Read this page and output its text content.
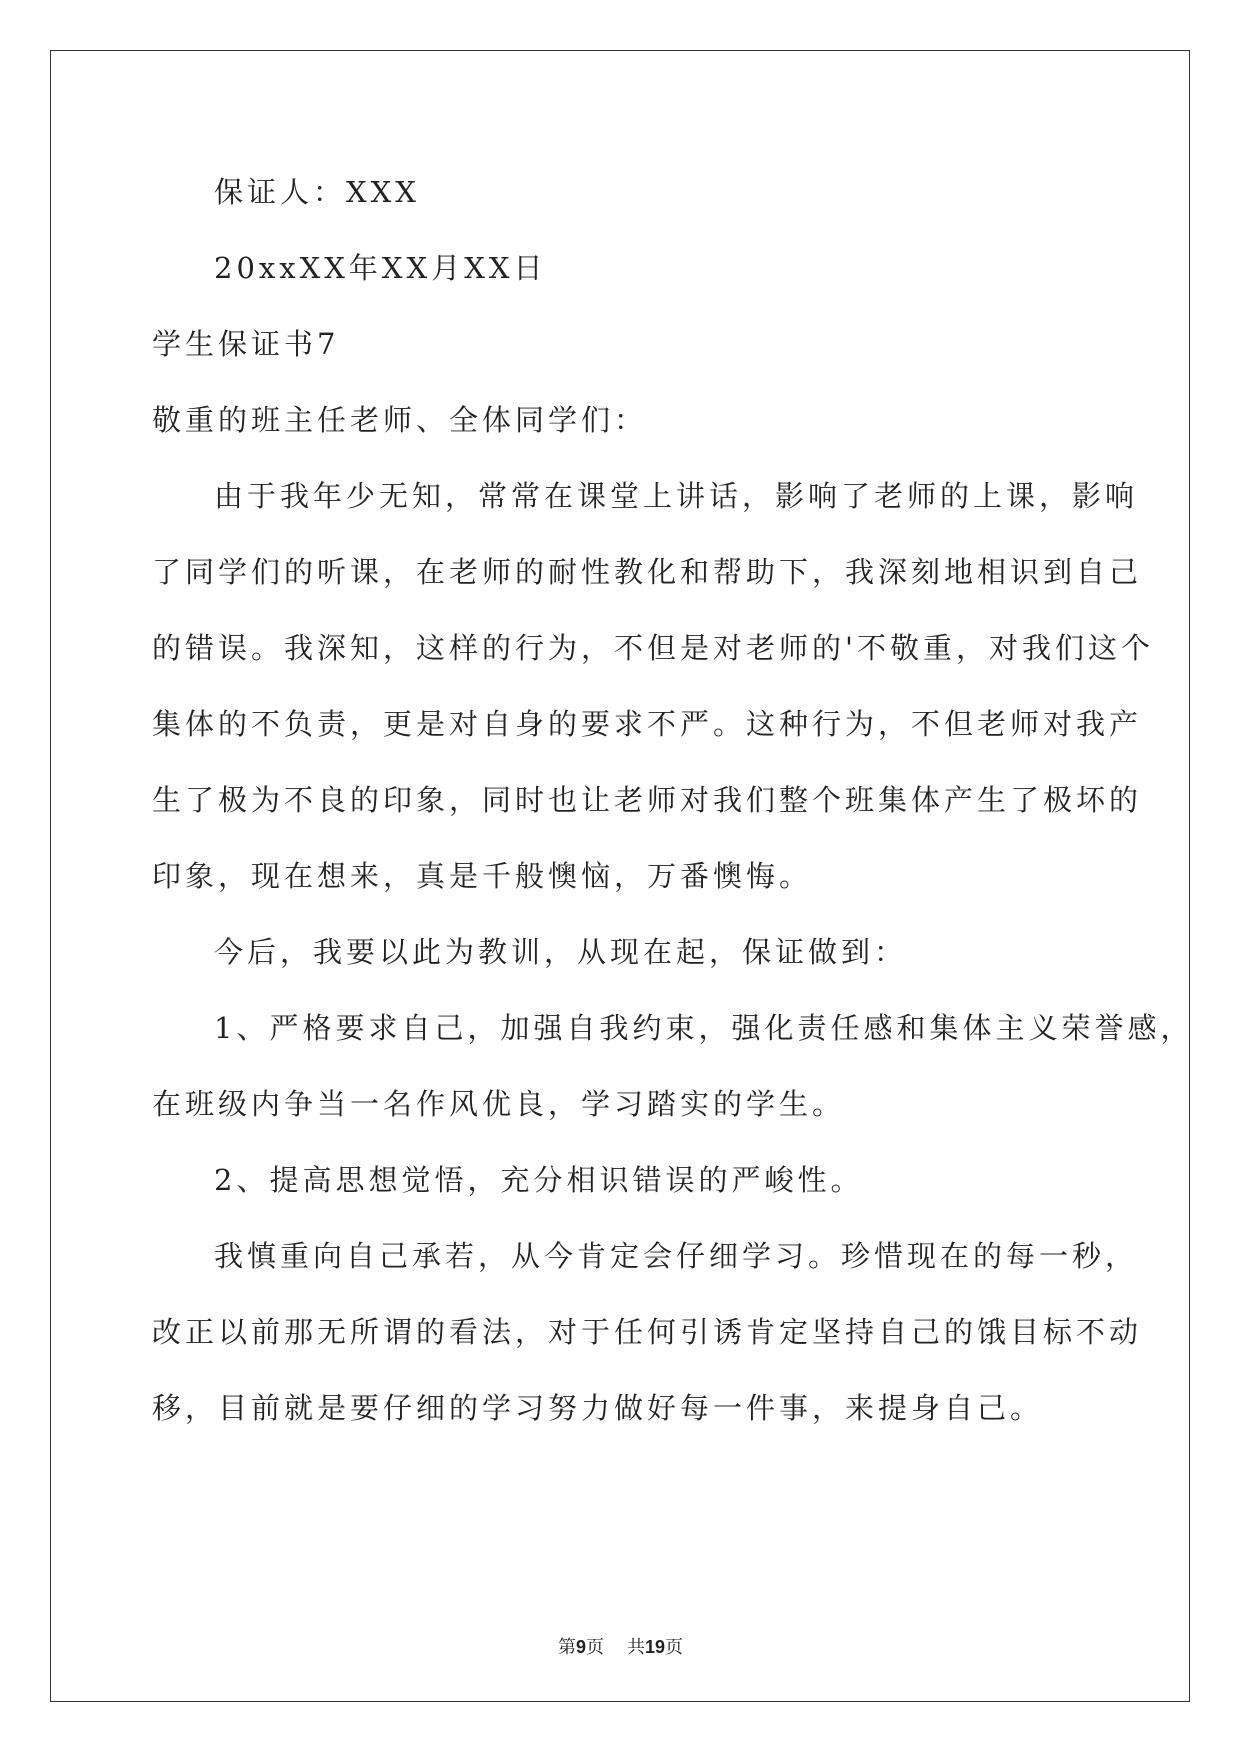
保证人：XXX
20xxXX年XX月XX日
学生保证书7
敬重的班主任老师、全体同学们：
由于我年少无知，常常在课堂上讲话，影响了老师的上课，影响
了同学们的听课，在老师的耐性教化和帮助下，我深刻地相识到自己
的错误。我深知，这样的行为，不但是对老师的'不敬重，对我们这个
集体的不负责，更是对自身的要求不严。这种行为，不但老师对我产
生了极为不良的印象，同时也让老师对我们整个班集体产生了极坏的
印象，现在想来，真是千般懊恼，万番懊悔。
今后，我要以此为教训，从现在起，保证做到：
1、严格要求自己，加强自我约束，强化责任感和集体主义荣誉感，
在班级内争当一名作风优良，学习踏实的学生。
2、提高思想觉悟，充分相识错误的严峻性。
我慎重向自己承若，从今肯定会仔细学习。珍惜现在的每一秒，
改正以前那无所谓的看法，对于任何引诱肯定坚持自己的饿目标不动
移，目前就是要仔细的学习努力做好每一件事，来提身自己。
第9页 共19页
